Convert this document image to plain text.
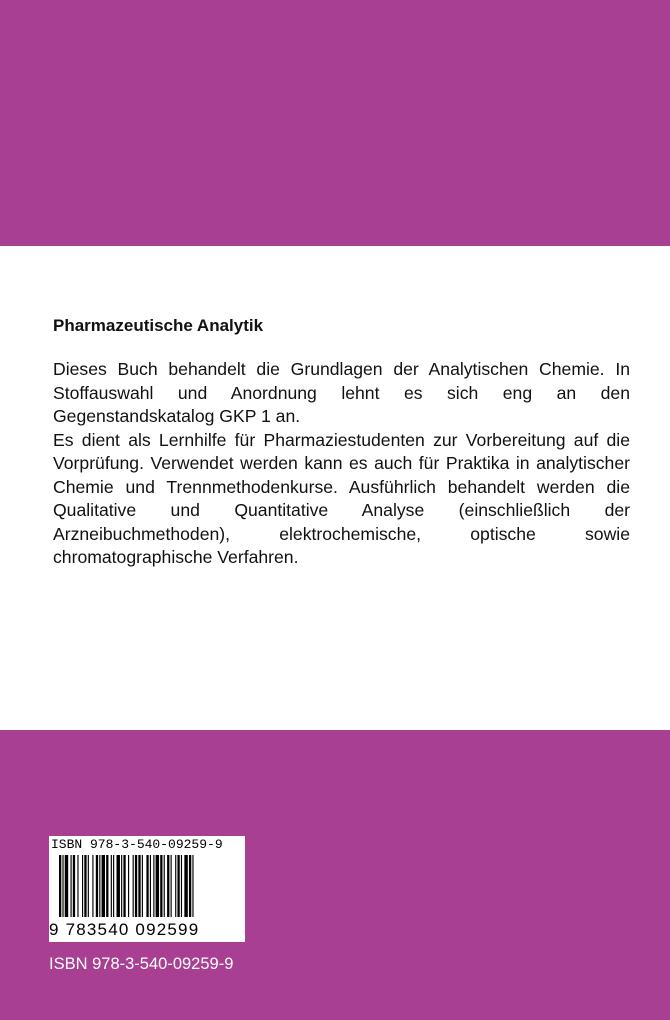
Pharmazeutische Analytik

Dieses Buch behandelt die Grundlagen der Analytischen Chemie. In Stoffauswahl und Anordnung lehnt es sich eng an den Gegenstandskatalog GKP 1 an.

Es dient als Lernhilfe für Pharmaziestudenten zur Vorbereitung auf die Vorprüfung. Verwendet werden kann es auch für Praktika in analytischer Chemie und Trennmethodenkurse. Ausführlich behandelt werden die Qualitative und Quantitative Analyse (einschließlich der Arzneibuchmethoden), elektrochemische, optische sowie chromatographische Verfahren.

ISBN 978-3-540-09259-9
9 783540 092599
ISBN 978-3-540-09259-9
